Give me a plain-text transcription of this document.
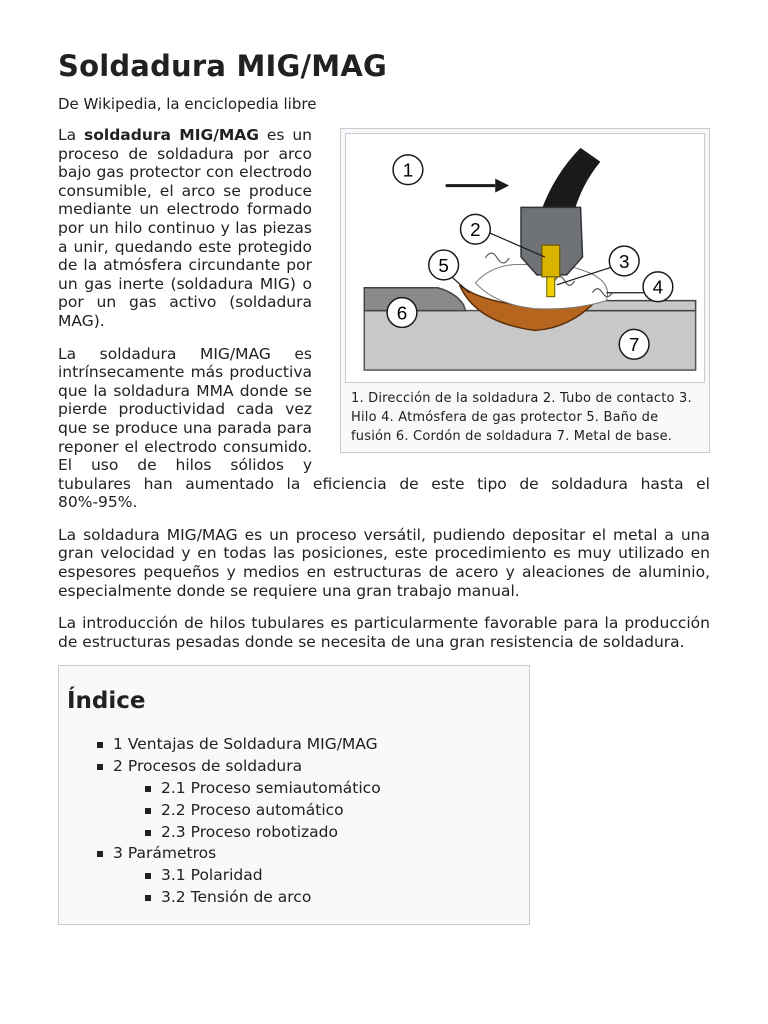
Soldadura MIG/MAG
De Wikipedia, la enciclopedia libre
1
2
3
4
5
6
7
1. Dirección de la soldadura 2. Tubo de contacto 3. Hilo 4. Atmósfera de gas protector 5. Baño de fusión 6. Cordón de soldadura 7. Metal de base.

La soldadura MIG/MAG es un proceso de soldadura por arco bajo gas protector con electrodo consumible, el arco se produce mediante un electrodo formado por un hilo continuo y las piezas a unir, quedando este protegido de la atmósfera circundante por un gas inerte (soldadura MIG) o por un gas activo (soldadura MAG).

La soldadura MIG/MAG es intrínsecamente más productiva que la soldadura MMA donde se pierde productividad cada vez que se produce una parada para reponer el electrodo consumido. El uso de hilos sólidos y tubulares han aumentado la eficiencia de este tipo de soldadura hasta el 80%-95%.

La soldadura MIG/MAG es un proceso versátil, pudiendo depositar el metal a una gran velocidad y en todas las posiciones, este procedimiento es muy utilizado en espesores pequeños y medios en estructuras de acero y aleaciones de aluminio, especialmente donde se requiere una gran trabajo manual.

La introducción de hilos tubulares es particularmente favorable para la producción de estructuras pesadas donde se necesita de una gran resistencia de soldadura.

Índice
1 Ventajas de Soldadura MIG/MAG
2 Procesos de soldadura
2.1 Proceso semiautomático
2.2 Proceso automático
2.3 Proceso robotizado
3 Parámetros
3.1 Polaridad
3.2 Tensión de arco
